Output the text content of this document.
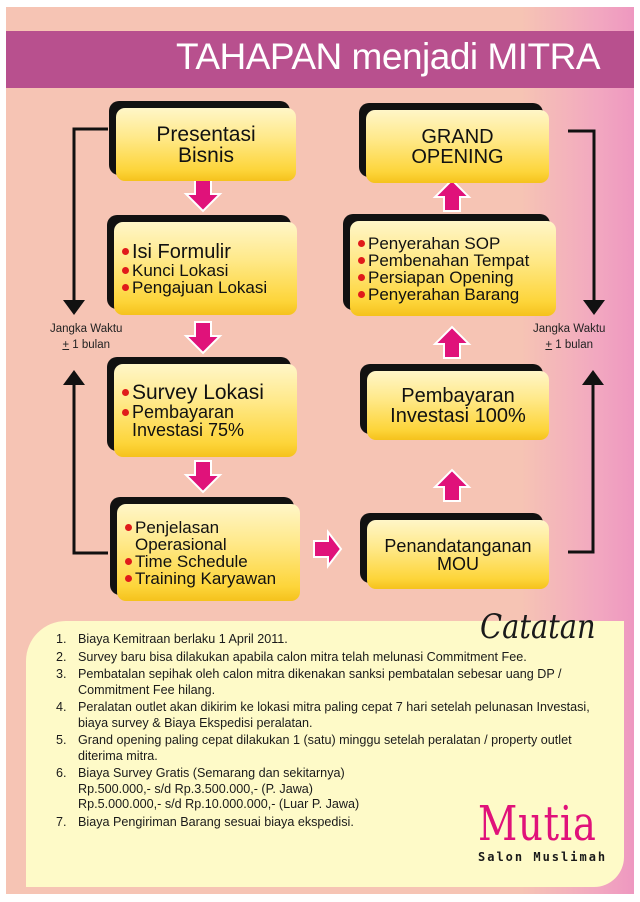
TAHAPAN menjadi MITRA
Presentasi
Bisnis
Isi Formulir
Kunci Lokasi
Pengajuan Lokasi
Survey Lokasi
Pembayaran
Investasi 75%
Penjelasan
Operasional
Time Schedule
Training Karyawan
GRAND
OPENING
Penyerahan SOP
Pembenahan Tempat
Persiapan Opening
Penyerahan Barang
Pembayaran
Investasi 100%
Penandatanganan
MOU
Jangka Waktu
+ 1 bulan
Jangka Waktu
+ 1 bulan
1. Biaya Kemitraan berlaku 1 April 2011.
2. Survey baru bisa dilakukan apabila calon mitra telah melunasi Commitment Fee.
3. Pembatalan sepihak oleh calon mitra dikenakan sanksi pembatalan sebesar uang DP / Commitment Fee hilang.
4. Peralatan outlet akan dikirim ke lokasi mitra paling cepat 7 hari setelah pelunasan Investasi, biaya survey & Biaya Ekspedisi peralatan.
5. Grand opening paling cepat dilakukan 1 (satu) minggu setelah peralatan / property outlet diterima mitra.
6. Biaya Survey Gratis (Semarang dan sekitarnya)
Rp.500.000,- s/d Rp.3.500.000,- (P. Jawa)
Rp.5.000.000,- s/d Rp.10.000.000,- (Luar P. Jawa)
7. Biaya Pengiriman Barang sesuai biaya ekspedisi.
Catatan
Mutia
Salon Muslimah
